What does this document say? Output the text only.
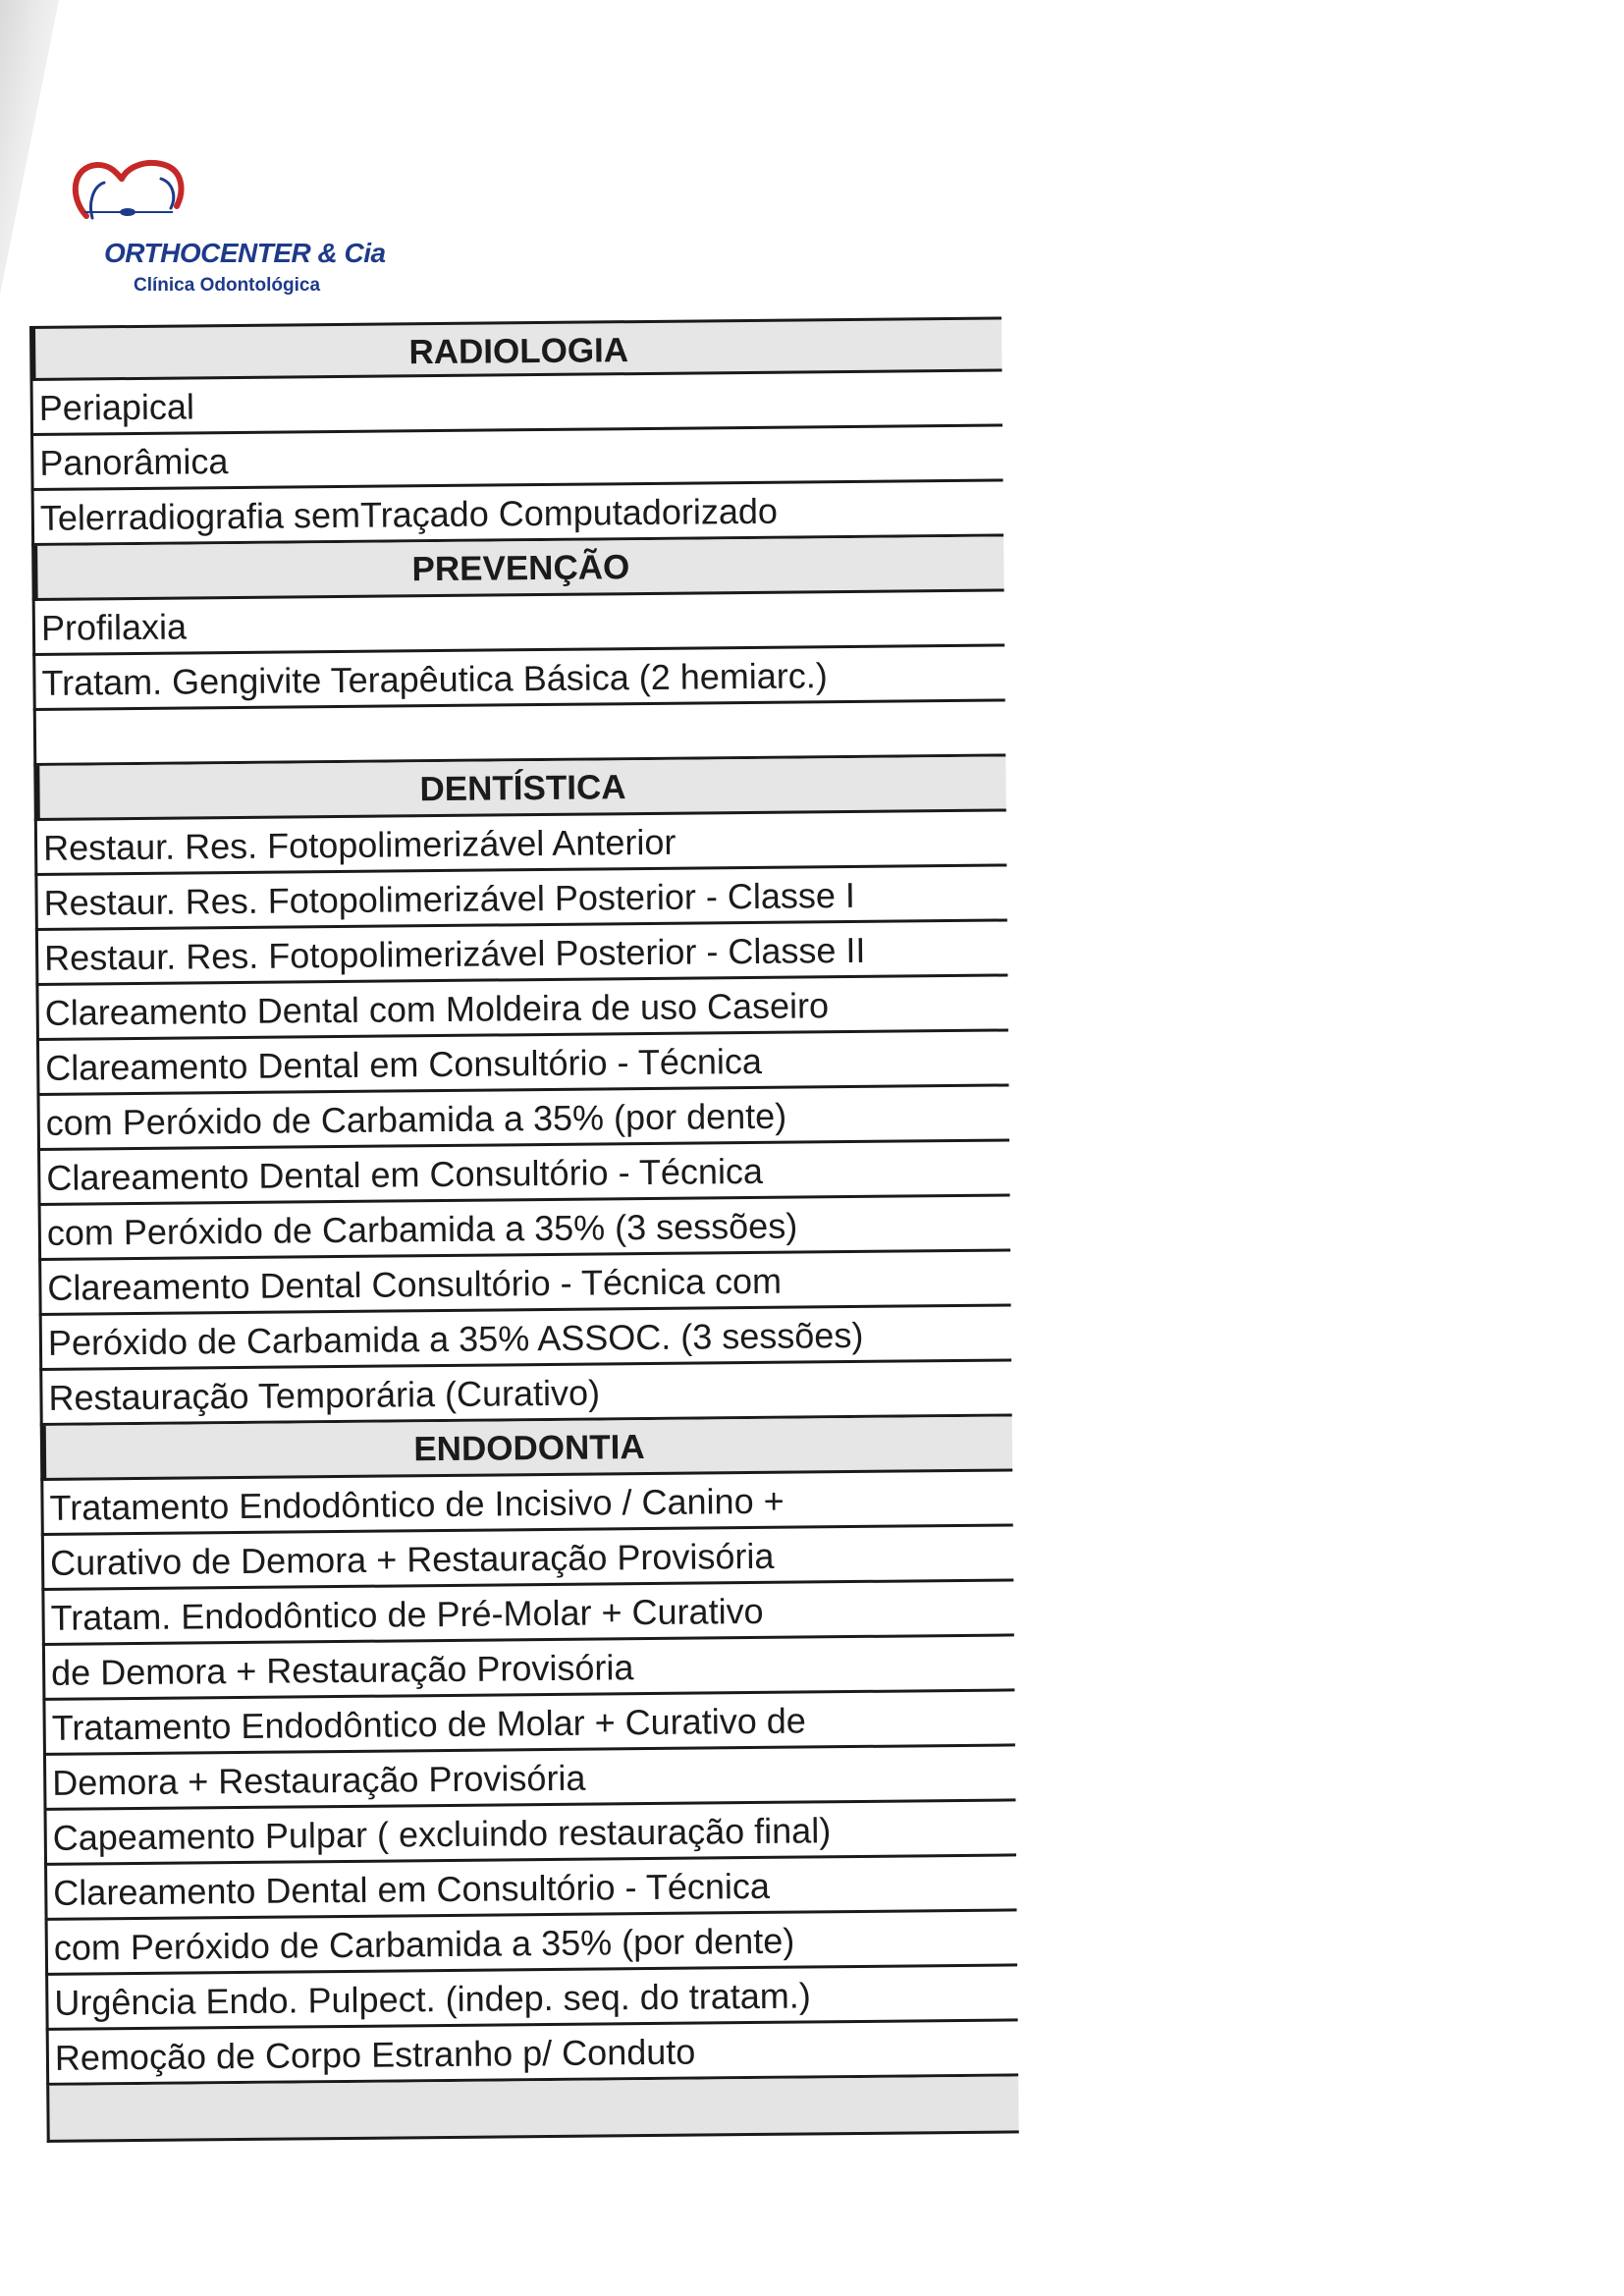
ORTHOCENTER & Cia
Clínica Odontológica
RADIOLOGIA
Periapical
Panorâmica
Telerradiografia semTraçado Computadorizado
PREVENÇÃO
Profilaxia
Tratam. Gengivite Terapêutica Básica (2 hemiarc.)
DENTÍSTICA
Restaur. Res. Fotopolimerizável Anterior
Restaur. Res. Fotopolimerizável Posterior - Classe I
Restaur. Res. Fotopolimerizável Posterior - Classe II
Clareamento Dental com Moldeira de uso Caseiro
Clareamento Dental em Consultório - Técnica
com Peróxido de Carbamida a 35% (por dente)
Clareamento Dental em Consultório - Técnica
com Peróxido de Carbamida a 35% (3 sessões)
Clareamento Dental Consultório - Técnica com
Peróxido de Carbamida a 35% ASSOC. (3 sessões)
Restauração Temporária (Curativo)
ENDODONTIA
Tratamento Endodôntico de Incisivo / Canino +
Curativo de Demora + Restauração Provisória
Tratam. Endodôntico de Pré-Molar + Curativo
de Demora + Restauração Provisória
Tratamento Endodôntico de Molar + Curativo de
Demora + Restauração Provisória
Capeamento Pulpar ( excluindo restauração final)
Clareamento Dental em Consultório - Técnica
com Peróxido de Carbamida a 35% (por dente)
Urgência Endo. Pulpect. (indep. seq. do tratam.)
Remoção de Corpo Estranho p/ Conduto
